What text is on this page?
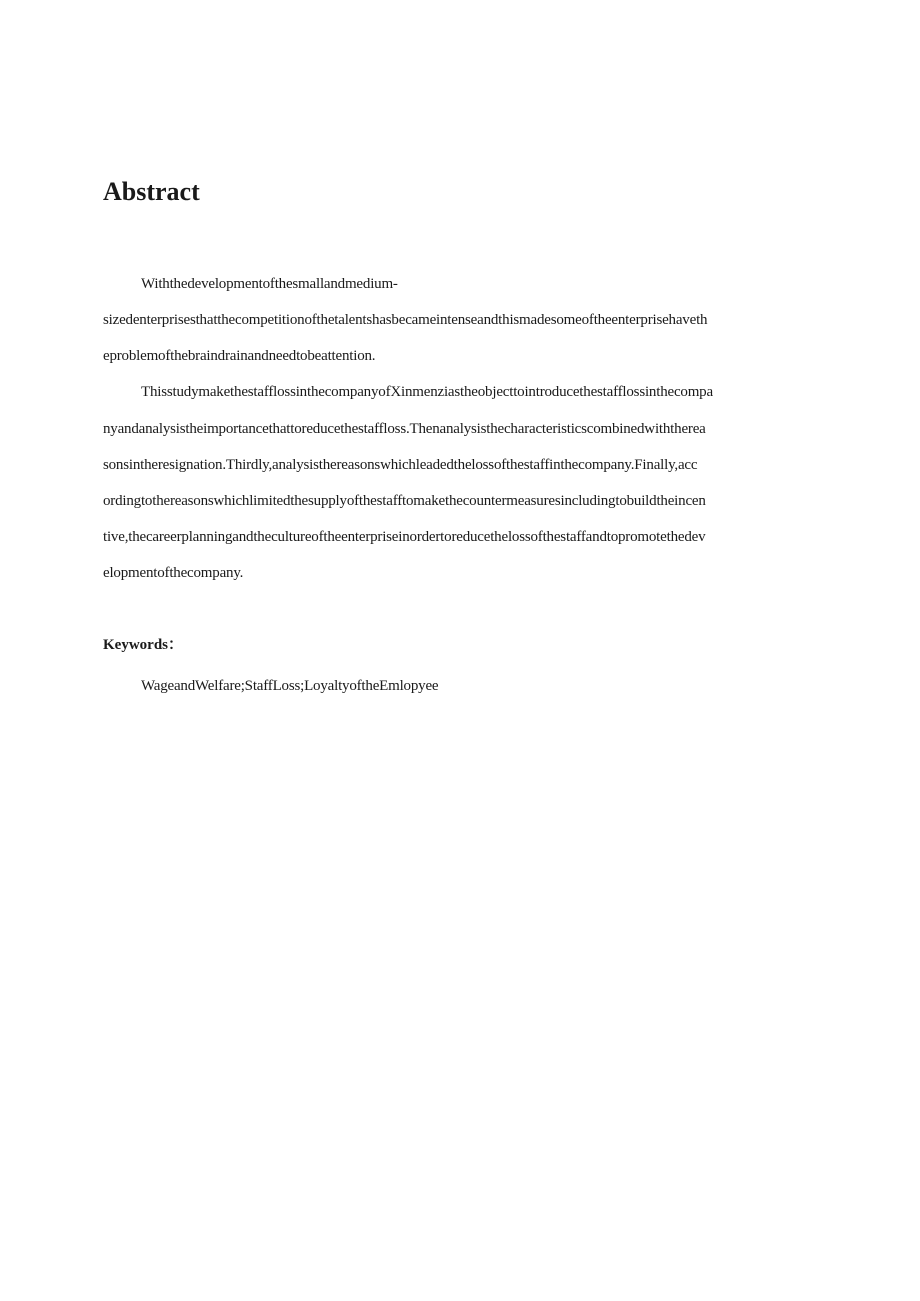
Abstract
Withthedevelopmentofthesmallandmedium-
sizedenterprisesthatthecompetitionofthetalentshasbecameintenseandthismadesomeoftheenterprisehaveth
eproblemofthebraindrainandneedtobeattention.
ThisstudymakethestafflossinthecompanyofXinmenziastheobjecttointroducethestafflossinthecompa
nyandanalysistheimportancethattoreducethestaffloss.Thenanalysisthecharacteristicscombinedwiththerea
sonsintheresignation.Thirdly,analysisthereasonswhichleadedthelossofthestaffinthecompany.Finally,acc
ordingtothereasonswhichlimitedthesupplyofthestafftomakethecountermeasuresincludingtobuildtheincen
tive,thecareerplanningandthecultureoftheenterpriseinordertoreducethelossofthestaffandtopromotethedev
elopmentofthecompany.
Keywords：
WageandWelfare;StaffLoss;LoyaltyoftheEmlopyee
